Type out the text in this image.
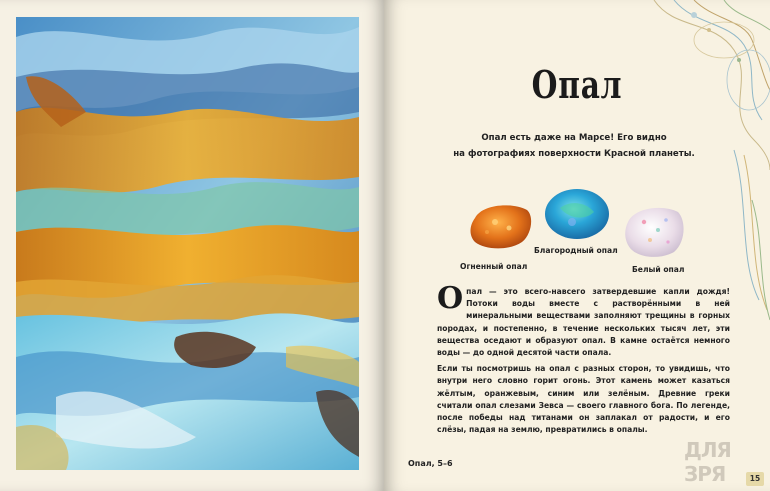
Опал
Опал есть даже на Марсе! Его видно
на фотографиях поверхности Красной планеты.
Огненный опал
Благородный опал
Белый опал

Опал — это всего-навсего затвердевшие капли дождя! Потоки воды вместе с растворёнными в ней минеральными веществами заполняют трещины в горных породах, и постепенно, в течение нескольких тысяч лет, эти вещества оседают и образуют опал. В камне остаётся немного воды — до одной десятой части опала.

Если ты посмотришь на опал с разных сторон, то увидишь, что внутри него словно горит огонь. Этот камень может казаться жёлтым, оранжевым, синим или зелёным. Древние греки считали опал слезами Зевса — своего главного бога. По легенде, после победы над титанами он заплакал от радости, и его слёзы, падая на землю, превратились в опалы.

Опал, 5–6
ДЛЯ ЗРЯ	15
